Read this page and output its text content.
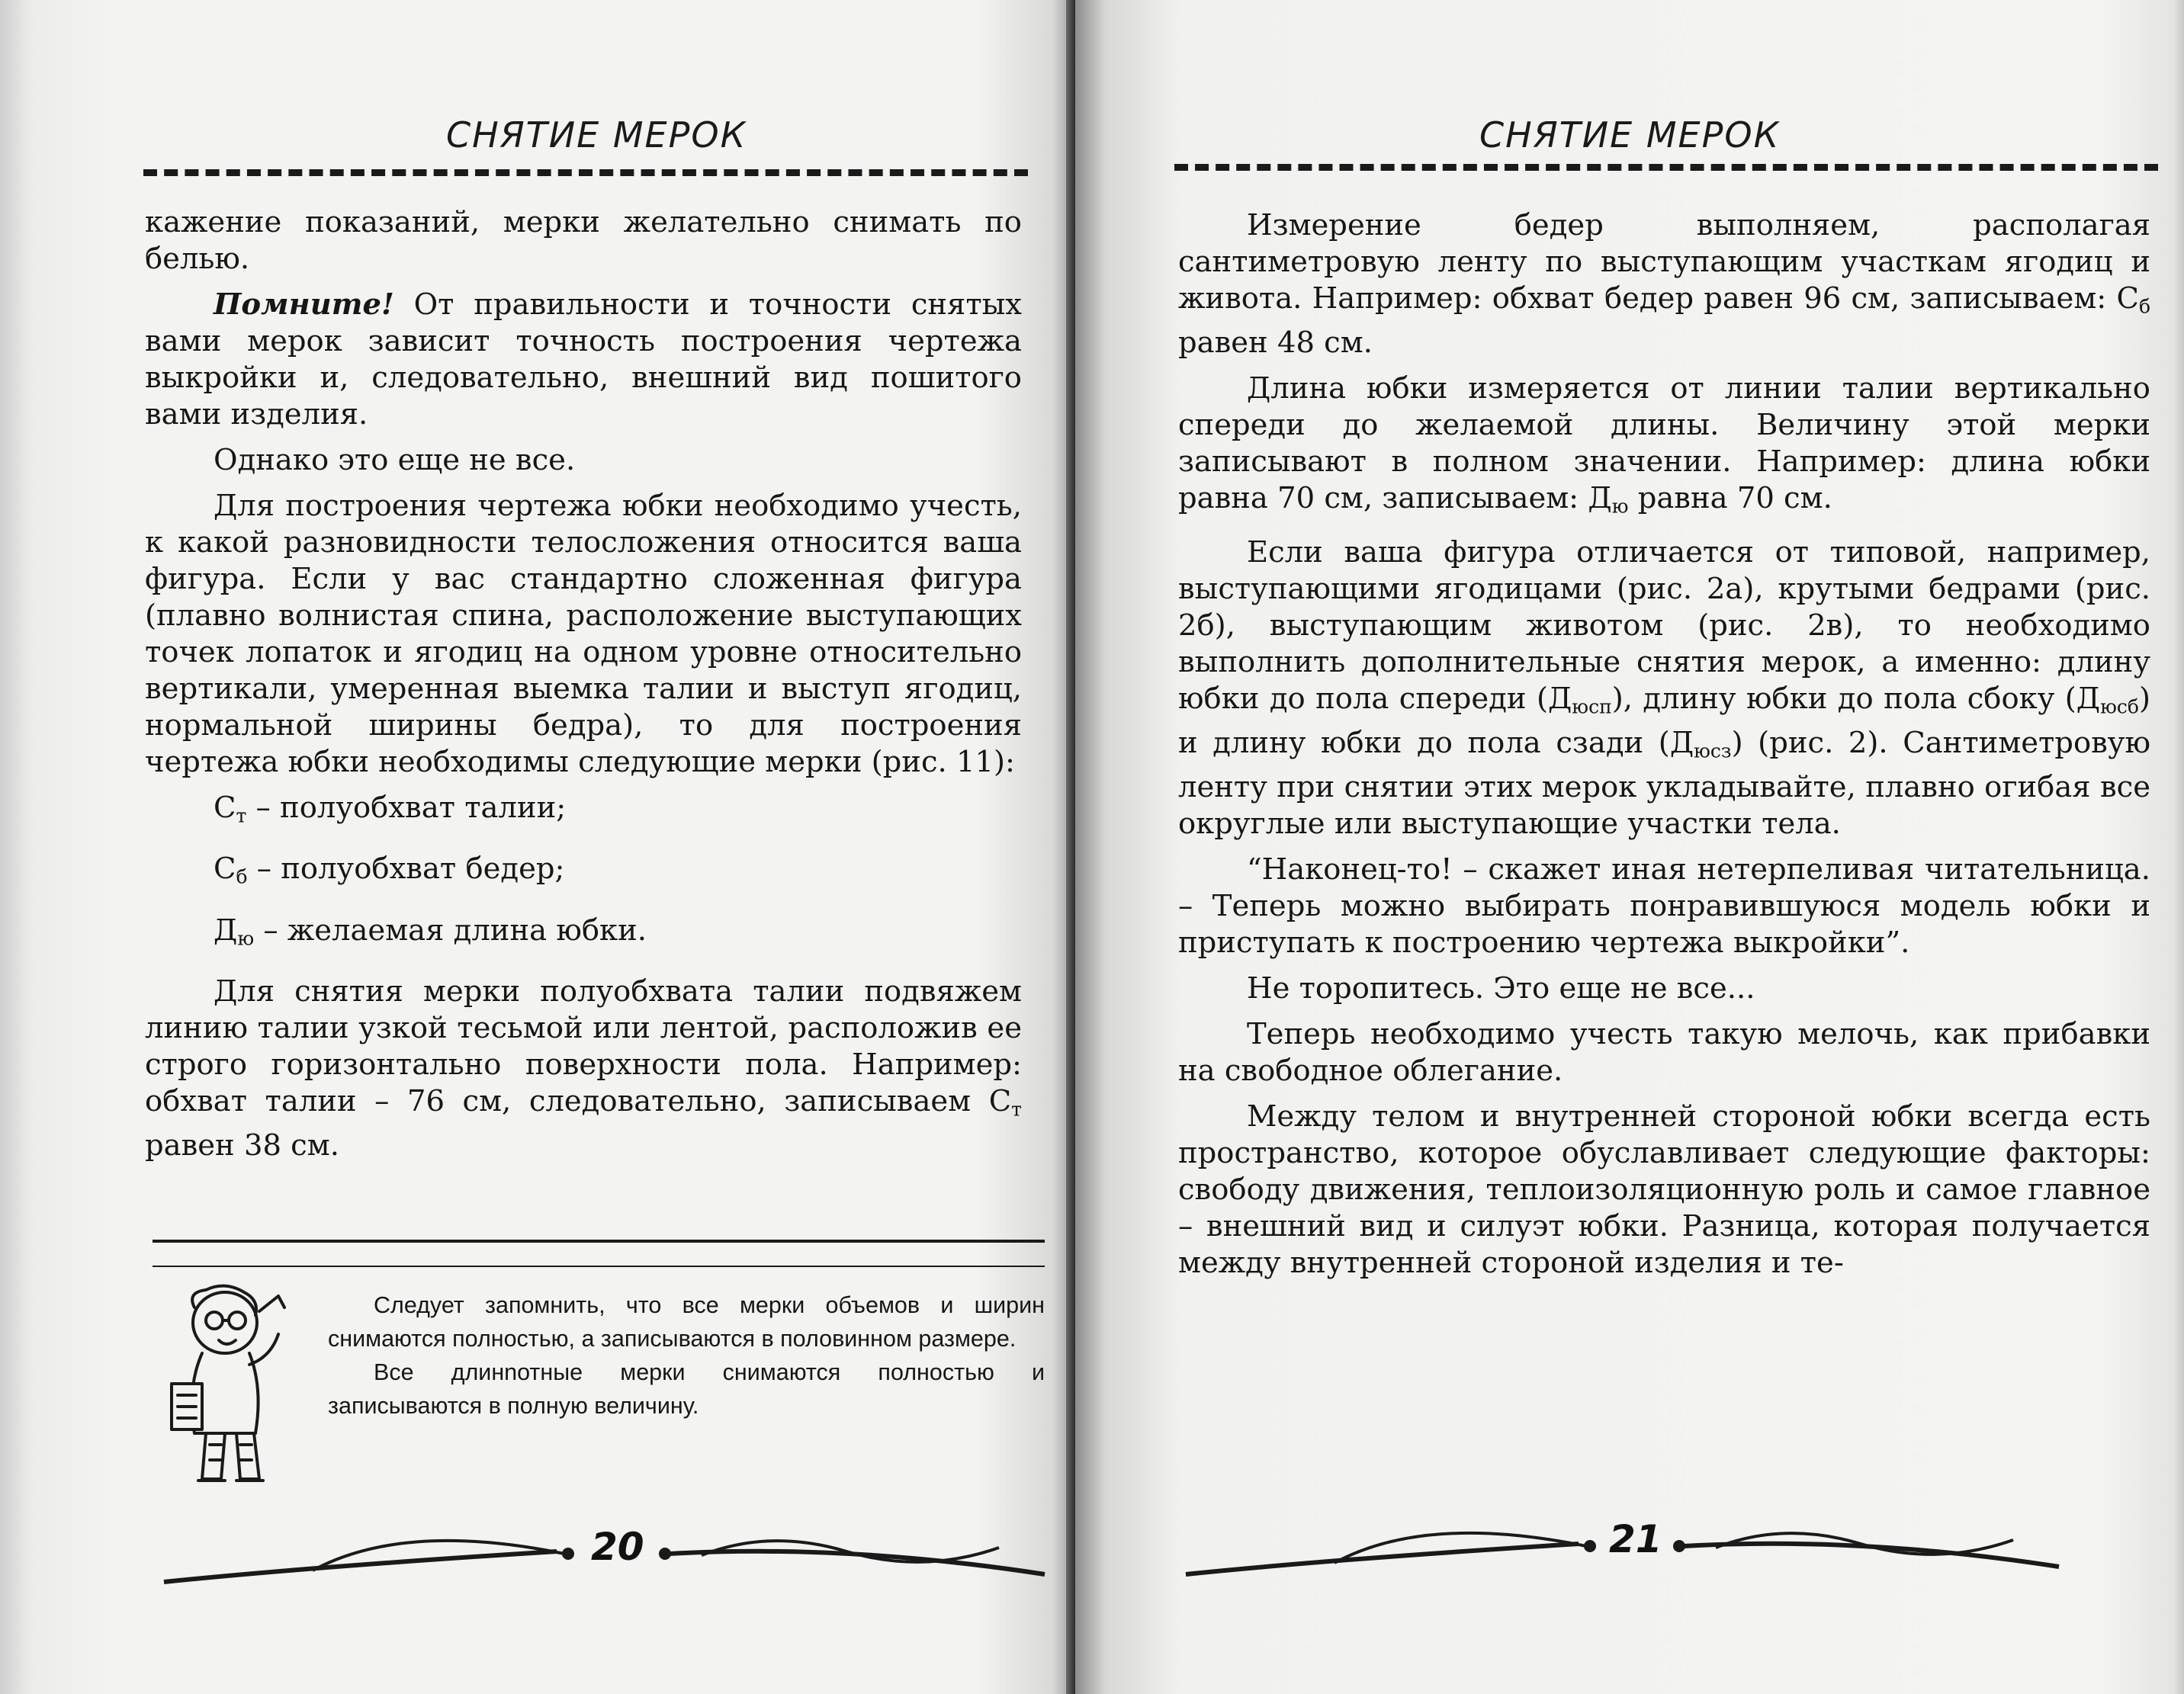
СНЯТИЕ МЕРОК

кажение показаний, мерки желательно снимать по белью.

Помните! От правильности и точности снятых вами мерок зависит точность построения чертежа выкройки и, следовательно, внешний вид пошитого вами изделия.

Однако это еще не все.

Для построения чертежа юбки необходимо учесть, к какой разновидности телосложения относится ваша фигура. Если у вас стандартно сложенная фигура (плавно волнистая спина, расположение выступающих точек лопаток и ягодиц на одном уровне относительно вертикали, умеренная выемка талии и выступ ягодиц, нормальной ширины бедра), то для построения чертежа юбки необходимы следующие мерки (рис. 11):

$С_т$ – полуобхват талии;

$С_б$ – полуобхват бедер;

$Д_ю$ – желаемая длина юбки.

Для снятия мерки полуобхвата талии подвяжем линию талии узкой тесьмой или лентой, расположив ее строго горизонтально поверхности пола. Например: обхват талии – 76 см, следовательно, записываем $С_т$ равен 38 см.

Следует запомнить, что все мерки объемов и ширин снимаются полностью, а записываются в половинном размере.

Все длинnотные мерки снимаются полностью и записываются в полную величину.

20
СНЯТИЕ МЕРОК

Измерение бедер выполняем, располагая сантиметровую ленту по выступающим участкам ягодиц и живота. Например: обхват бедер равен 96 см, записываем: $С_б$ равен 48 см.

Длина юбки измеряется от линии талии вертикально спереди до желаемой длины. Величину этой мерки записывают в полном значении. Например: длина юбки равна 70 см, записываем: $Д_ю$ равна 70 см.

Если ваша фигура отличается от типовой, например, выступающими ягодицами (рис. 2а), крутыми бедрами (рис. 2б), выступающим животом (рис. 2в), то необходимо выполнить дополнительные снятия мерок, а именно: длину юбки до пола спереди $(Д_{юсп})$, длину юбки до пола сбоку $(Д_{юсб})$ и длину юбки до пола сзади $(Д_{юсз})$ (рис. 2). Сантиметровую ленту при снятии этих мерок укладывайте, плавно огибая все округлые или выступающие участки тела.

“Наконец-то! – скажет иная нетерпеливая читательница. – Теперь можно выбирать понравившуюся модель юбки и приступать к построению чертежа выкройки”.

Не торопитесь. Это еще не все...

Теперь необходимо учесть такую мелочь, как прибавки на свободное облегание.

Между телом и внутренней стороной юбки всегда есть пространство, которое обуславливает следующие факторы: свободу движения, теплоизоляционную роль и самое главное – внешний вид и силуэт юбки. Разница, которая получается между внутренней стороной изделия и те-

21
